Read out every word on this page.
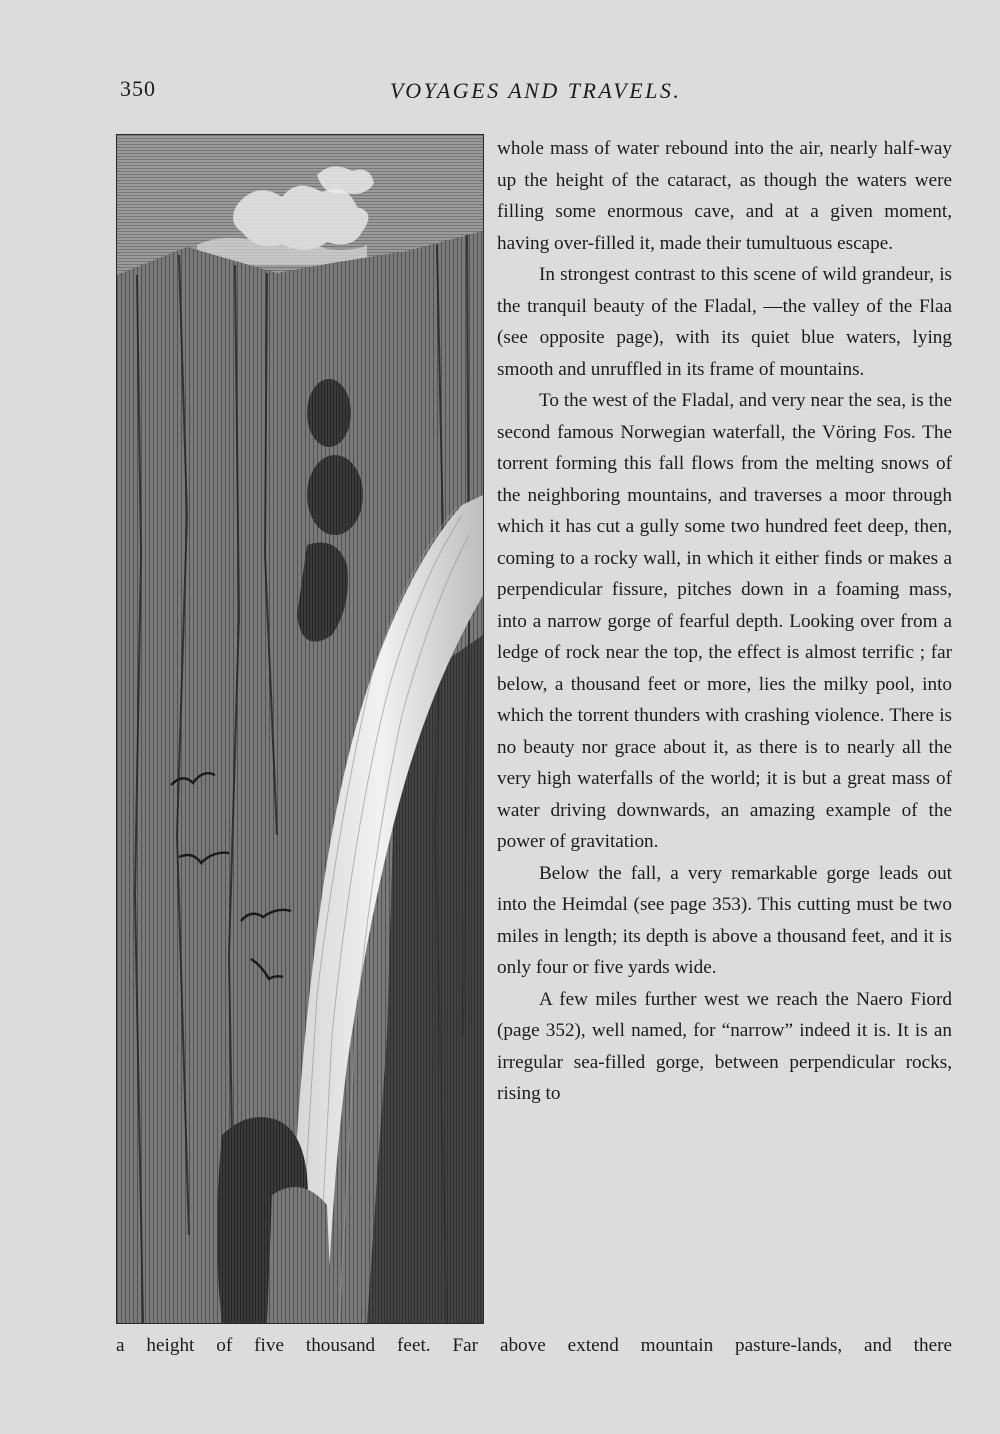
350	VOYAGES AND TRAVELS.

whole mass of water rebound into the air, nearly half-way up the height of the cataract, as though the waters were filling some enormous cave, and at a given moment, having over-filled it, made their tumultuous escape.

In strongest contrast to this scene of wild grandeur, is the tranquil beauty of the Fladal, —the valley of the Flaa (see opposite page), with its quiet blue waters, lying smooth and unruffled in its frame of mountains.

To the west of the Fladal, and very near the sea, is the second famous Norwegian waterfall, the Vöring Fos. The torrent forming this fall flows from the melting snows of the neighboring mountains, and traverses a moor through which it has cut a gully some two hundred feet deep, then, coming to a rocky wall, in which it either finds or makes a perpendicular fissure, pitches down in a foaming mass, into a narrow gorge of fearful depth. Looking over from a ledge of rock near the top, the effect is almost terrific ; far below, a thousand feet or more, lies the milky pool, into which the torrent thunders with crashing violence. There is no beauty nor grace about it, as there is to nearly all the very high waterfalls of the world; it is but a great mass of water driving downwards, an amazing example of the power of gravitation.

Below the fall, a very remarkable gorge leads out into the Heimdal (see page 353). This cutting must be two miles in length; its depth is above a thousand feet, and it is only four or five yards wide.

A few miles further west we reach the Naero Fiord (page 352), well named, for “narrow” indeed it is. It is an irregular sea-filled gorge, between perpendicular rocks, rising to

a height of five thousand feet. Far above extend mountain pasture-lands, and there
